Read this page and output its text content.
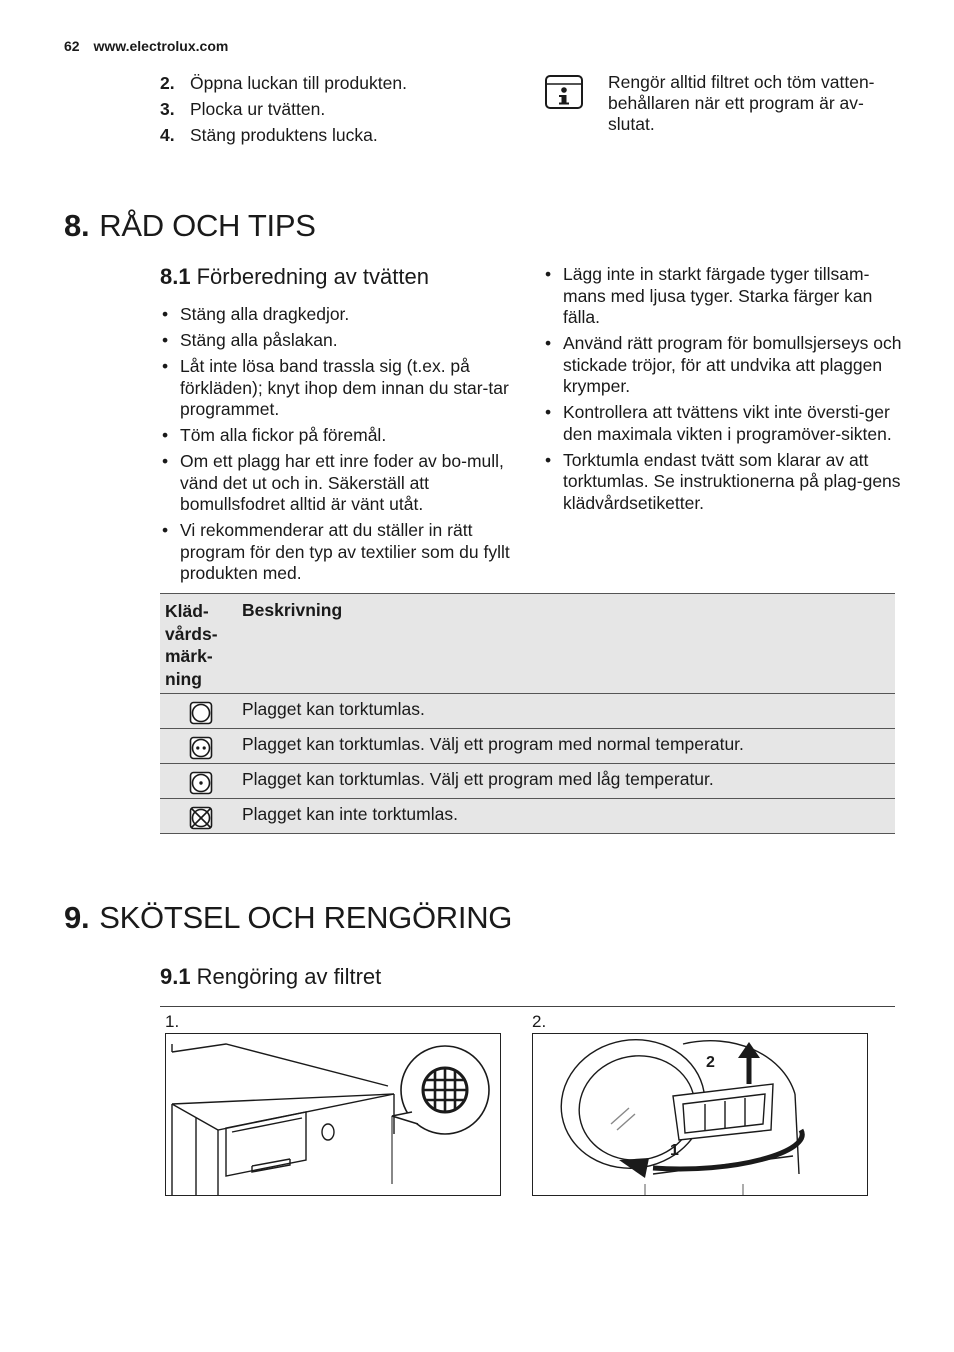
62 www.electrolux.com
2. Öppna luckan till produkten.
3. Plocka ur tvätten.
4. Stäng produktens lucka.
Rengör alltid filtret och töm vatten-behållaren när ett program är av-slutat.
8. RÅD OCH TIPS
8.1 Förberedning av tvätten
• Stäng alla dragkedjor.
• Stäng alla påslakan.
• Låt inte lösa band trassla sig (t.ex. på förkläden); knyt ihop dem innan du star-tar programmet.
• Töm alla fickor på föremål.
• Om ett plagg har ett inre foder av bo-mull, vänd det ut och in. Säkerställ att bomullsfodret alltid är vänt utåt.
• Vi rekommenderar att du ställer in rätt program för den typ av textilier som du fyllt produkten med.
• Lägg inte in starkt färgade tyger tillsam-mans med ljusa tyger. Starka färger kan fälla.
• Använd rätt program för bomullsjerseys och stickade tröjor, för att undvika att plaggen krymper.
• Kontrollera att tvättens vikt inte översti-ger den maximala vikten i programöver-sikten.
• Torktumla endast tvätt som klarar av att torktumlas. Se instruktionerna på plag-gens klädvårdsetiketter.
Kläd-
vårds-
märk-
ning
Beskrivning
Plagget kan torktumlas.
Plagget kan torktumlas. Välj ett program med normal temperatur.
Plagget kan torktumlas. Välj ett program med låg temperatur.
Plagget kan inte torktumlas.
9. SKÖTSEL OCH RENGÖRING
9.1 Rengöring av filtret
1.	2.
2
1
